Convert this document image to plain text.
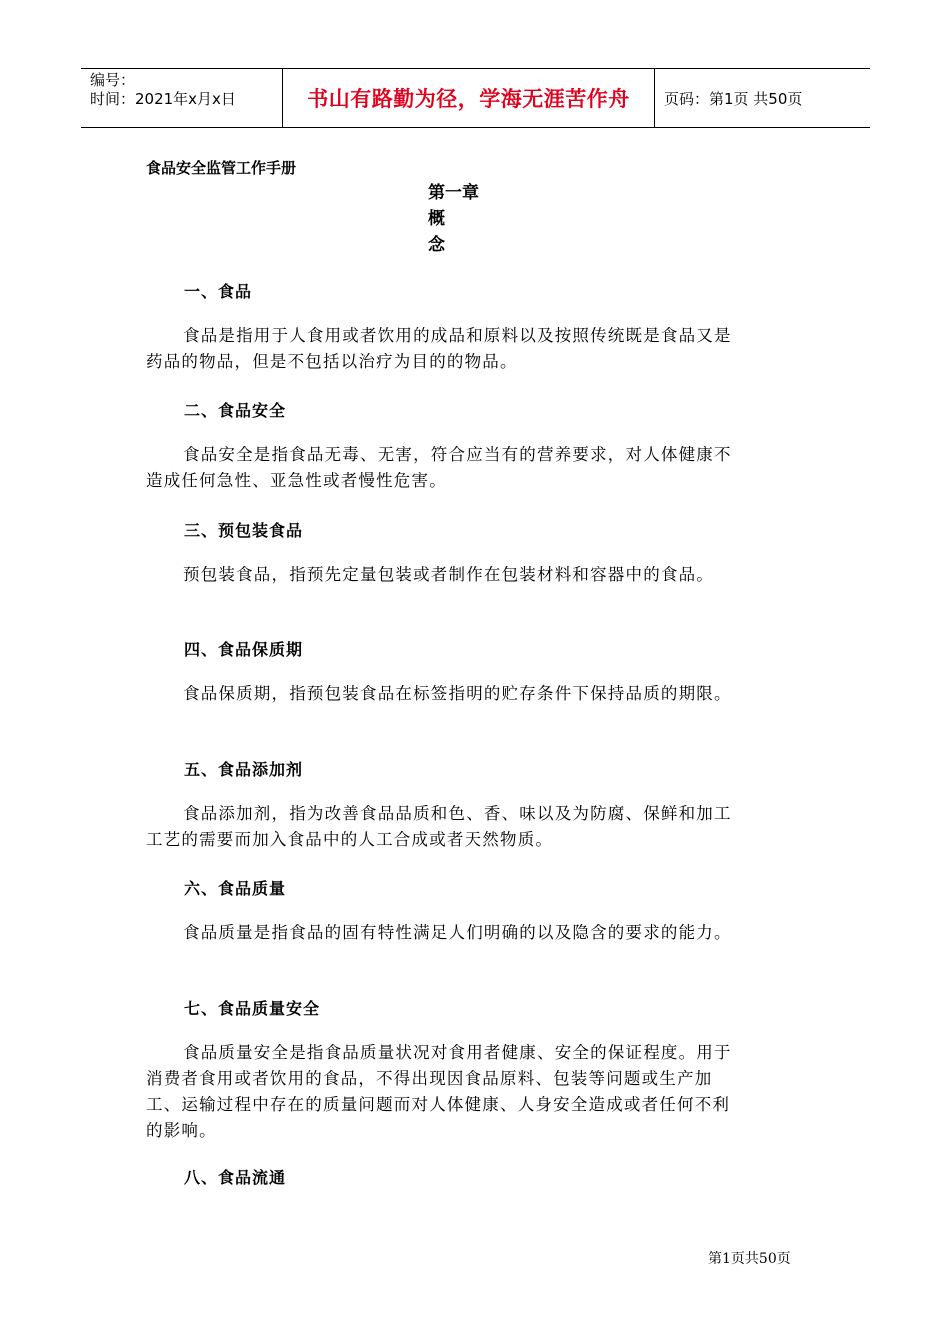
编号：
时间：2021年x月x日	书山有路勤为径，学海无涯苦作舟	页码：第1页 共50页
食品安全监管工作手册
第一章
概
念
一、食品
食品是指用于人食用或者饮用的成品和原料以及按照传统既是食品又是药品的物品，但是不包括以治疗为目的的物品。
二、食品安全
食品安全是指食品无毒、无害，符合应当有的营养要求，对人体健康不造成任何急性、亚急性或者慢性危害。
三、预包装食品
预包装食品，指预先定量包装或者制作在包装材料和容器中的食品。
四、食品保质期
食品保质期，指预包装食品在标签指明的贮存条件下保持品质的期限。
五、食品添加剂
食品添加剂，指为改善食品品质和色、香、味以及为防腐、保鲜和加工工艺的需要而加入食品中的人工合成或者天然物质。
六、食品质量
食品质量是指食品的固有特性满足人们明确的以及隐含的要求的能力。
七、食品质量安全
食品质量安全是指食品质量状况对食用者健康、安全的保证程度。用于消费者食用或者饮用的食品，不得出现因食品原料、包装等问题或生产加工、运输过程中存在的质量问题而对人体健康、人身安全造成或者任何不利的影响。
八、食品流通
第1页共50页
